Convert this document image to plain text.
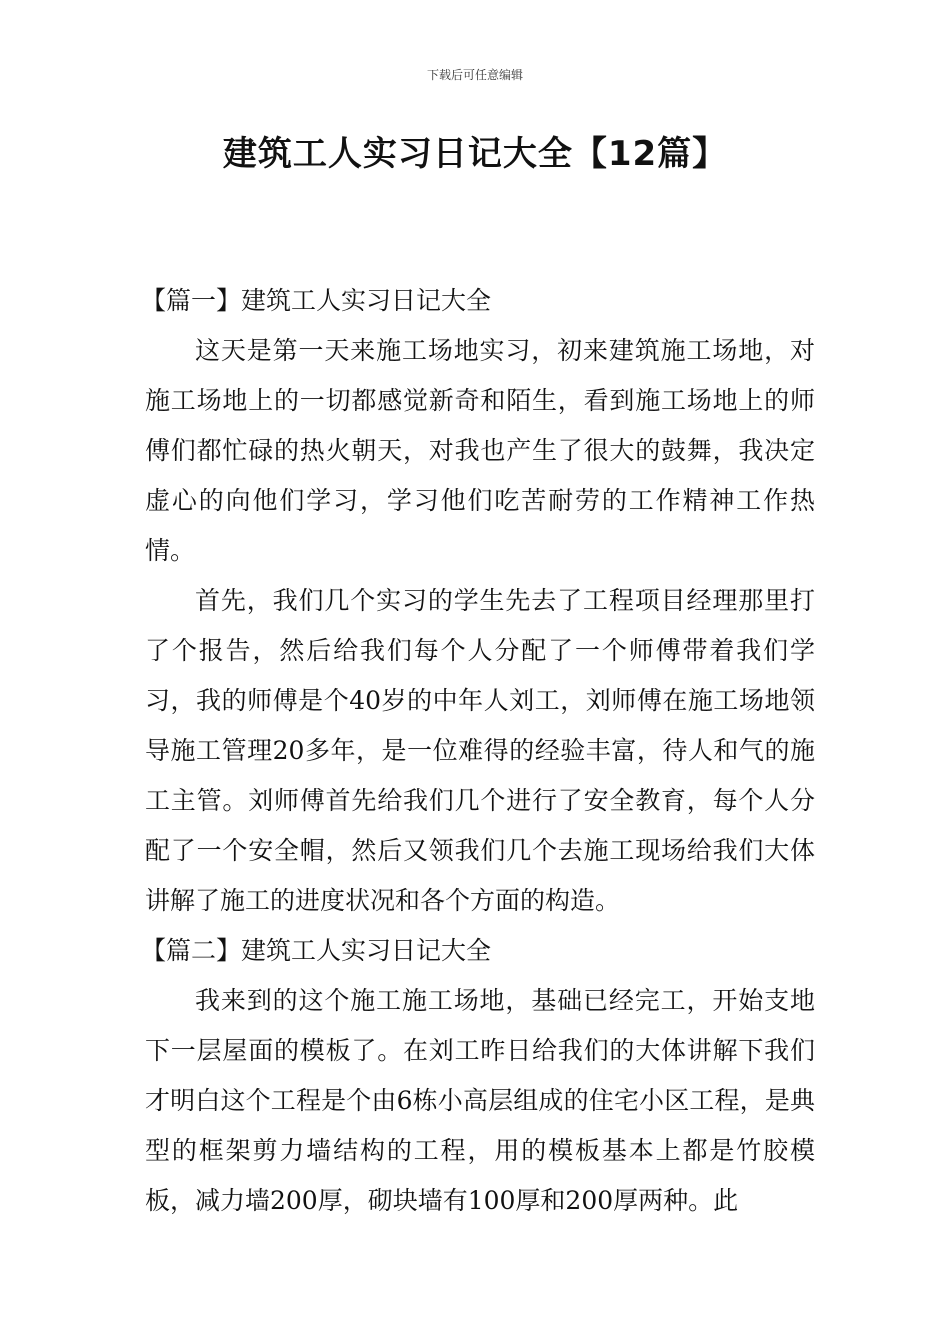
下载后可任意编辑
建筑工人实习日记大全【12篇】
【篇一】建筑工人实习日记大全

这天是第一天来施工场地实习，初来建筑施工场地，对施工场地上的一切都感觉新奇和陌生，看到施工场地上的师傅们都忙碌的热火朝天，对我也产生了很大的鼓舞，我决定虚心的向他们学习，学习他们吃苦耐劳的工作精神工作热情。

首先，我们几个实习的学生先去了工程项目经理那里打了个报告，然后给我们每个人分配了一个师傅带着我们学习，我的师傅是个40岁的中年人刘工，刘师傅在施工场地领导施工管理20多年，是一位难得的经验丰富，待人和气的施工主管。刘师傅首先给我们几个进行了安全教育，每个人分配了一个安全帽，然后又领我们几个去施工现场给我们大体讲解了施工的进度状况和各个方面的构造。

【篇二】建筑工人实习日记大全

我来到的这个施工施工场地，基础已经完工，开始支地下一层屋面的模板了。在刘工昨日给我们的大体讲解下我们才明白这个工程是个由6栋小高层组成的住宅小区工程，是典型的框架剪力墙结构的工程，用的模板基本上都是竹胶模板，减力墙200厚，砌块墙有100厚和200厚两种。此
